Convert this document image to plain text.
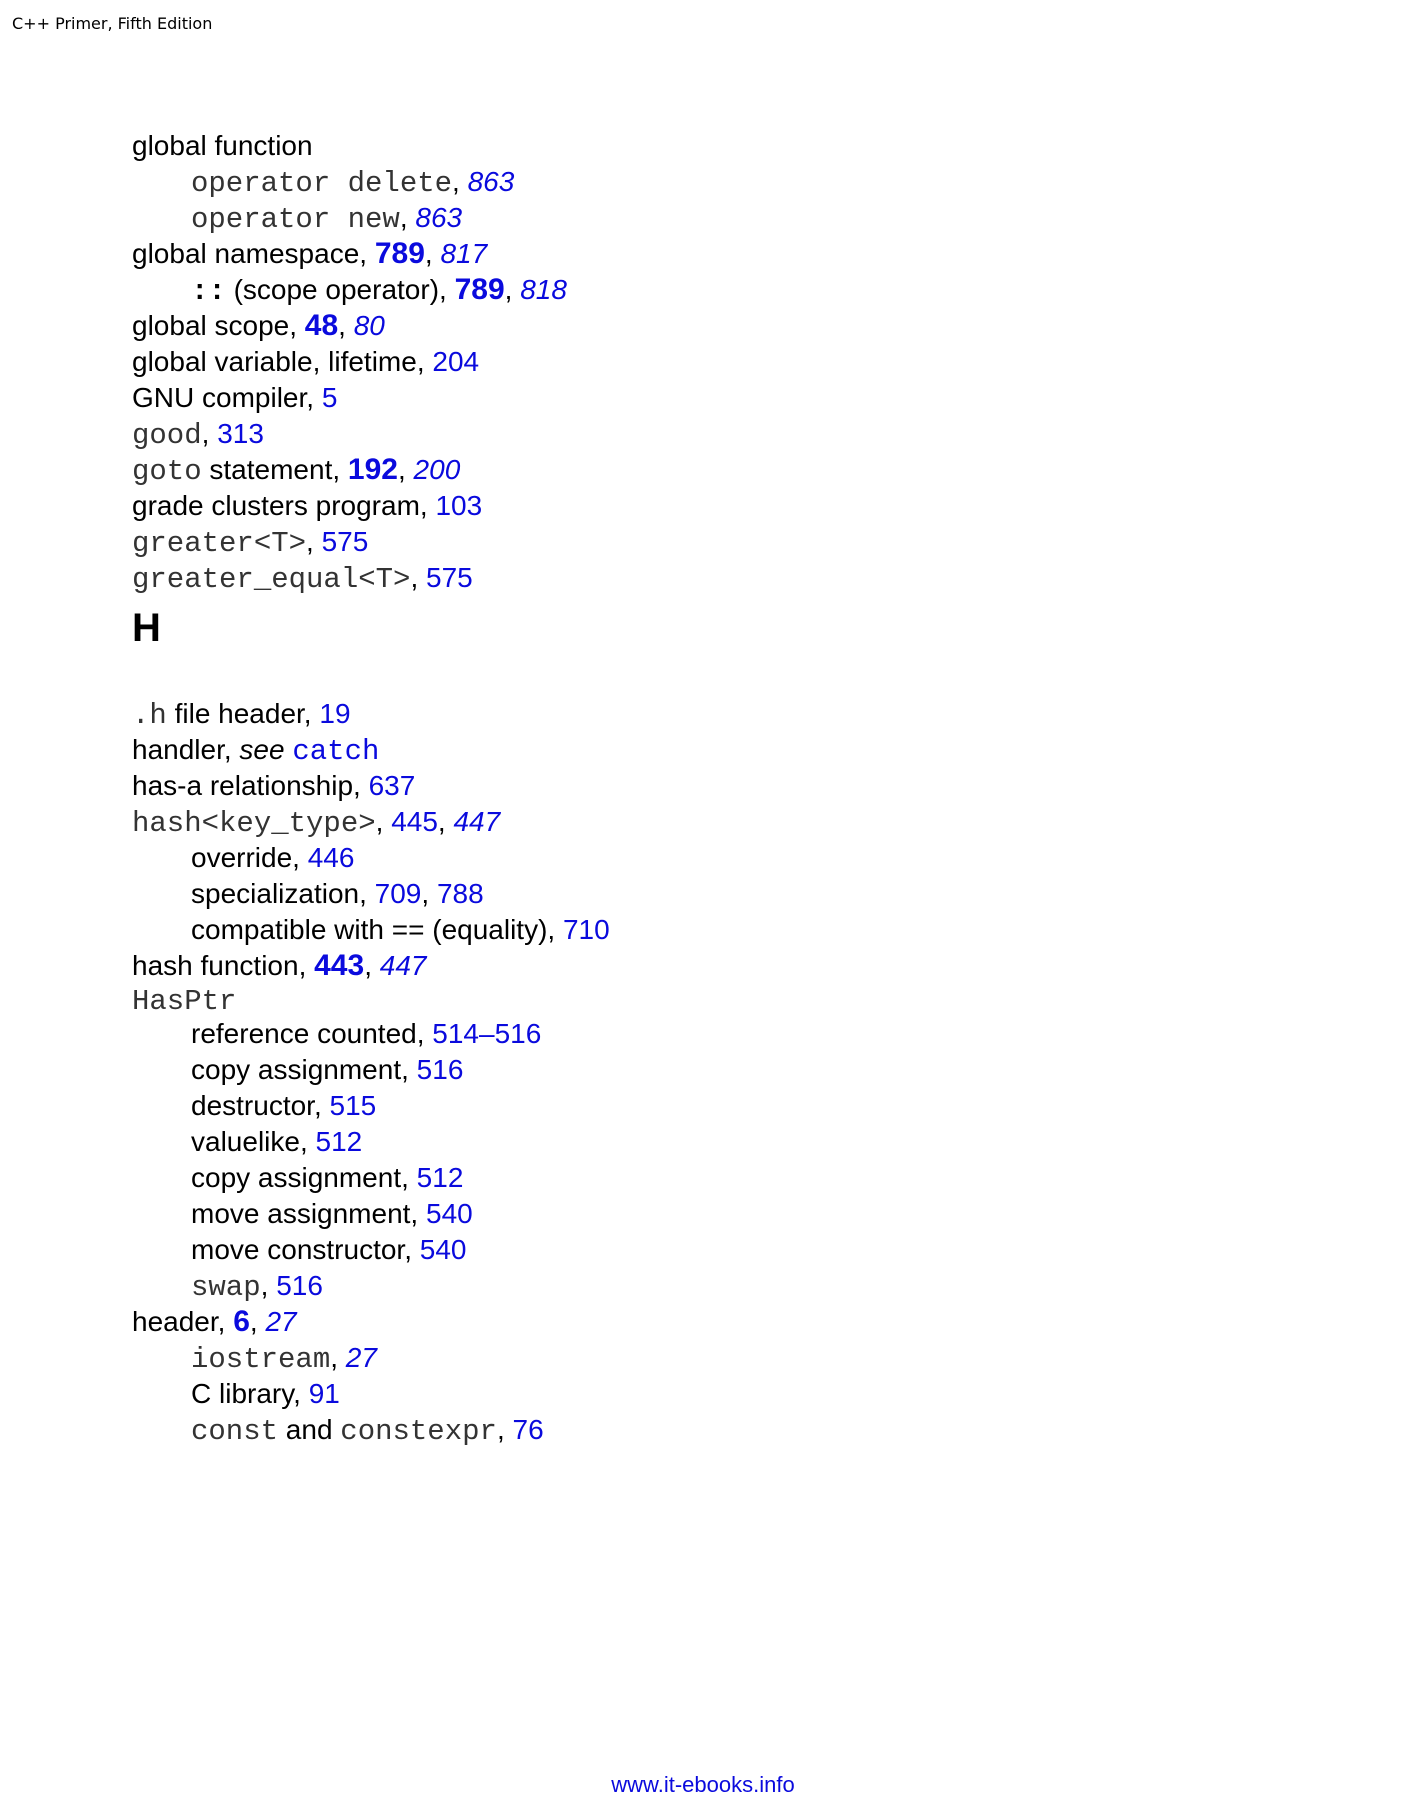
C++ Primer, Fifth Edition
global function
operator delete, 863
operator new, 863
global namespace, 789, 817
:: (scope operator), 789, 818
global scope, 48, 80
global variable, lifetime, 204
GNU compiler, 5
good, 313
goto statement, 192, 200
grade clusters program, 103
greater<T>, 575
greater_equal<T>, 575
H
.h file header, 19
handler, see catch
has-a relationship, 637
hash<key_type>, 445, 447
override, 446
specialization, 709, 788
compatible with == (equality), 710
hash function, 443, 447
HasPtr
reference counted, 514–516
copy assignment, 516
destructor, 515
valuelike, 512
copy assignment, 512
move assignment, 540
move constructor, 540
swap, 516
header, 6, 27
iostream, 27
C library, 91
const and constexpr, 76
www.it-ebooks.info
